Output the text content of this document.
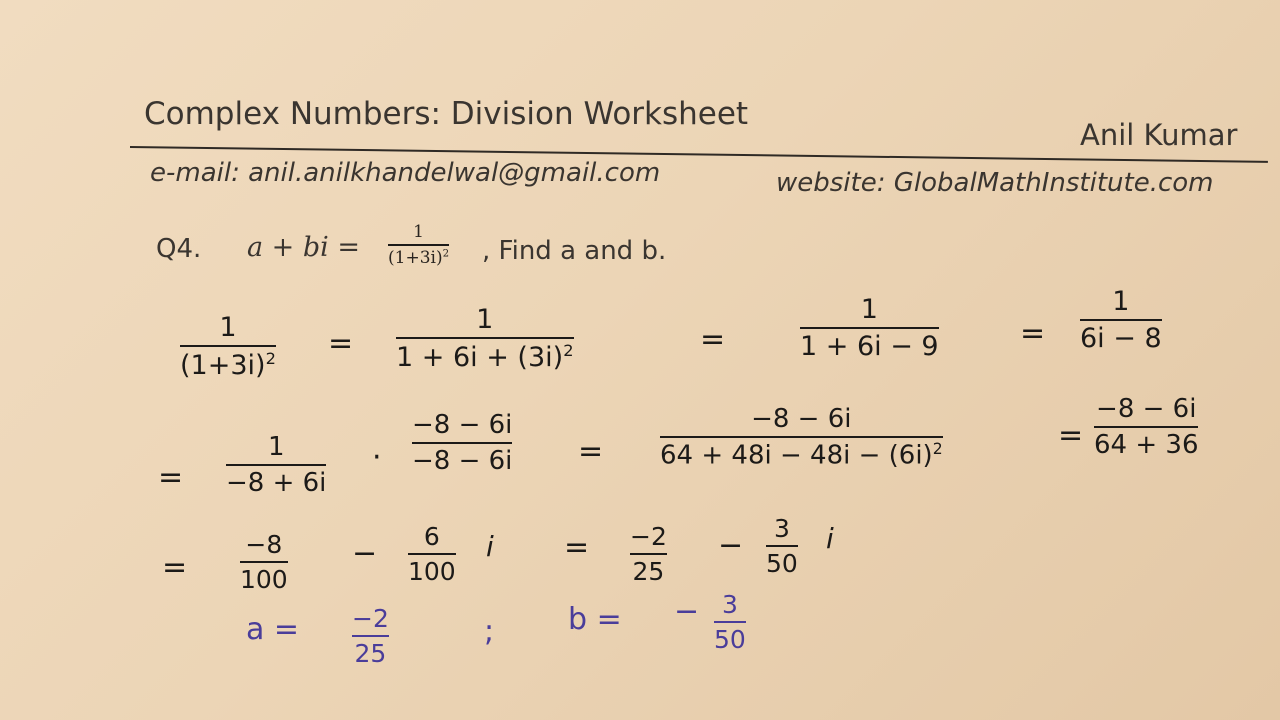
Complex Numbers: Division Worksheet
Anil Kumar
e-mail: anil.anilkhandelwal@gmail.com	website: GlobalMathInstitute.com
Q4. a + bi =	1
$(1+3i)^2$ , Find a and b.
1
$(1+3i)^2$ =
1
$1 + 6i + (3i)^2$	=
1
1 + 6i − 9	=
1
6i − 8
=
1
−8 + 6i
·
−8 − 6i
−8 − 6i =
−8 − 6i
$64 + 48i - 48i - (6i)^2$	=
−8 − 6i
64 + 36
=
−8
100
− 6
100
i = −2
25
− 3
50
i
a = −2
25
; b = − 3
50
